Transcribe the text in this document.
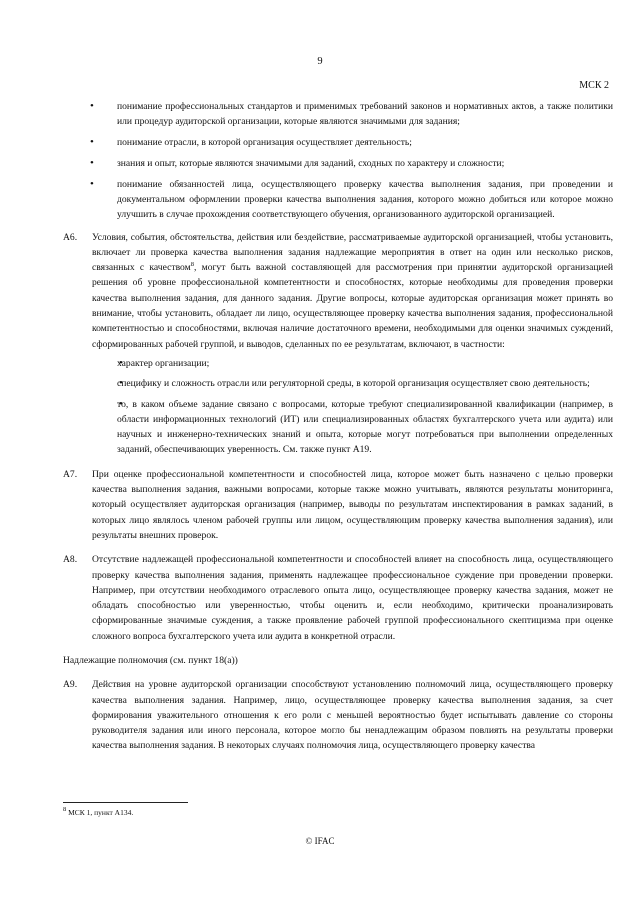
9
МСК 2
• понимание профессиональных стандартов и применимых требований законов и нормативных актов, а также политики или процедур аудиторской организации, которые являются значимыми для задания;
• понимание отрасли, в которой организация осуществляет деятельность;
• знания и опыт, которые являются значимыми для заданий, сходных по характеру и сложности;
• понимание обязанностей лица, осуществляющего проверку качества выполнения задания, при проведении и документальном оформлении проверки качества выполнения задания, которого можно добиться или которое можно улучшить в случае прохождения соответствующего обучения, организованного аудиторской организацией.
А6. Условия, события, обстоятельства, действия или бездействие, рассматриваемые аудиторской организацией, чтобы установить, включает ли проверка качества выполнения задания надлежащие мероприятия в ответ на один или несколько рисков, связанных с качеством$^8$, могут быть важной составляющей для рассмотрения при принятии аудиторской организацией решения об уровне профессиональной компетентности и способностях, которые необходимы для проведения проверки качества выполнения задания, для данного задания. Другие вопросы, которые аудиторская организация может принять во внимание, чтобы установить, обладает ли лицо, осуществляющее проверку качества выполнения задания, профессиональной компетентностью и способностями, включая наличие достаточного времени, необходимыми для оценки значимых суждений, сформированных рабочей группой, и выводов, сделанных по ее результатам, включают, в частности:
• характер организации;
• специфику и сложность отрасли или регуляторной среды, в которой организация осуществляет свою деятельность;
• то, в каком объеме задание связано с вопросами, которые требуют специализированной квалификации (например, в области информационных технологий (ИТ) или специализированных областях бухгалтерского учета или аудита) или научных и инженерно-технических знаний и опыта, которые могут потребоваться при выполнении определенных заданий, обеспечивающих уверенность. См. также пункт А19.
А7. При оценке профессиональной компетентности и способностей лица, которое может быть назначено с целью проверки качества выполнения задания, важными вопросами, которые также можно учитывать, являются результаты мониторинга, который осуществляет аудиторская организация (например, выводы по результатам инспектирования в рамках заданий, в которых лицо являлось членом рабочей группы или лицом, осуществляющим проверку качества выполнения задания), или результаты внешних проверок.
А8. Отсутствие надлежащей профессиональной компетентности и способностей влияет на способность лица, осуществляющего проверку качества выполнения задания, применять надлежащее профессиональное суждение при проведении проверки. Например, при отсутствии необходимого отраслевого опыта лицо, осуществляющее проверку качества задания, может не обладать способностью или уверенностью, чтобы оценить и, если необходимо, критически проанализировать сформированные значимые суждения, а также проявление рабочей группой профессионального скептицизма при оценке сложного вопроса бухгалтерского учета или аудита в конкретной отрасли.
Надлежащие полномочия (см. пункт 18(а))
А9. Действия на уровне аудиторской организации способствуют установлению полномочий лица, осуществляющего проверку качества выполнения задания. Например, лицо, осуществляющее проверку качества выполнения задания, за счет формирования уважительного отношения к его роли с меньшей вероятностью будет испытывать давление со стороны руководителя задания или иного персонала, которое могло бы ненадлежащим образом повлиять на результаты проверки качества выполнения задания. В некоторых случаях полномочия лица, осуществляющего проверку качества
$^8$ МСК 1, пункт А134.
© IFAC
